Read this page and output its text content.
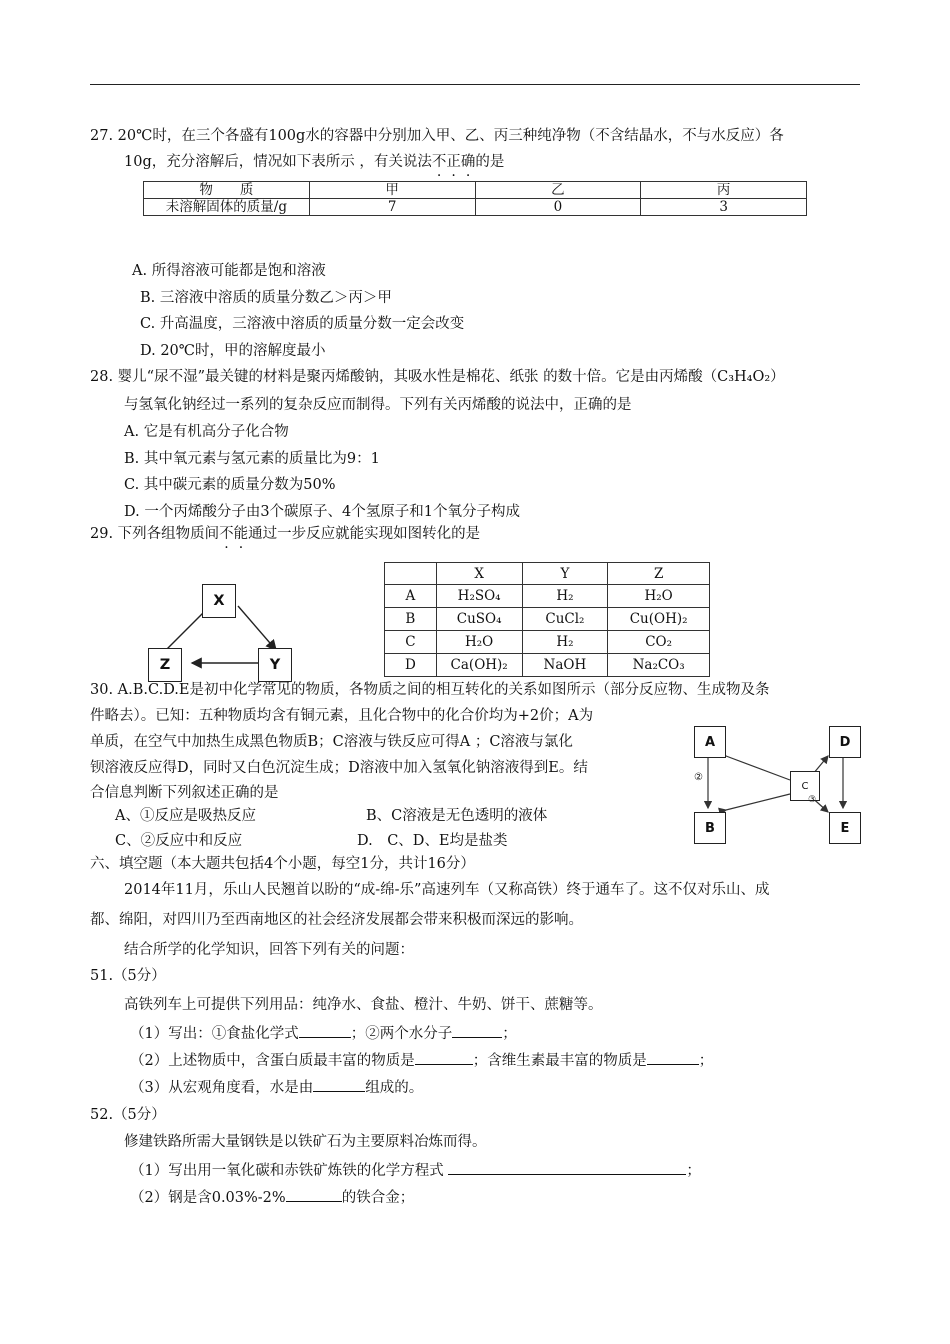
27. 20℃时，在三个各盛有100g水的容器中分别加入甲、乙、丙三种纯净物（不含结晶水，不与水反应）各
10g，充分溶解后，情况如下表所示 ，有关说法不正确的是
物　　质	甲	乙	丙
未溶解固体的质量/g	7	0	3
A. 所得溶液可能都是饱和溶液
B. 三溶液中溶质的质量分数乙＞丙＞甲
C. 升高温度，三溶液中溶质的质量分数一定会改变
D. 20℃时，甲的溶解度最小
28. 婴儿“尿不湿”最关键的材料是聚丙烯酸钠，其吸水性是棉花、纸张 的数十倍。它是由丙烯酸（C₃H₄O₂）
与氢氧化钠经过一系列的复杂反应而制得。下列有关丙烯酸的说法中，正确的是
A. 它是有机高分子化合物
B. 其中氧元素与氢元素的质量比为9：1
C. 其中碳元素的质量分数为50%
D. 一个丙烯酸分子由3个碳原子、4个氢原子和1个氧分子构成
29. 下列各组物质间不能通过一步反应就能实现如图转化的是
X
Y
Z
	X	Y	Z
A	H₂SO₄	H₂	H₂O
B	CuSO₄	CuCl₂	Cu(OH)₂
C	H₂O	H₂	CO₂
D	Ca(OH)₂	NaOH	Na₂CO₃
30. A.B.C.D.E是初中化学常见的物质，各物质之间的相互转化的关系如图所示（部分反应物、生成物及条
件略去）。已知：五种物质均含有铜元素，且化合物中的化合价均为+2价；A为
单质，在空气中加热生成黑色物质B；C溶液与铁反应可得A ；C溶液与氯化
钡溶液反应得D，同时又白色沉淀生成；D溶液中加入氢氧化钠溶液得到E。结
合信息判断下列叙述正确的是
A、①反应是吸热反应	B、C溶液是无色透明的液体
C、②反应中和反应	D.　C、D、E均是盐类
A
B
C
D
E
②
③
六、填空题（本大题共包括4个小题，每空1分，共计16分）
2014年11月，乐山人民翘首以盼的“成-绵-乐”高速列车（又称高铁）终于通车了。这不仅对乐山、成
都、绵阳，对四川乃至西南地区的社会经济发展都会带来积极而深远的影响。
结合所学的化学知识，回答下列有关的问题：
51.（5分）
高铁列车上可提供下列用品：纯净水、食盐、橙汁、牛奶、饼干、蔗糖等。
（1）写出：①食盐化学式	；②两个水分子	；
（2）上述物质中，含蛋白质最丰富的物质是	；含维生素最丰富的物质是	；
（3）从宏观角度看，水是由	组成的。
52.（5分）
修建铁路所需大量钢铁是以铁矿石为主要原料冶炼而得。
（1）写出用一氧化碳和赤铁矿炼铁的化学方程式	；
（2）钢是含0.03%-2%	的铁合金；
